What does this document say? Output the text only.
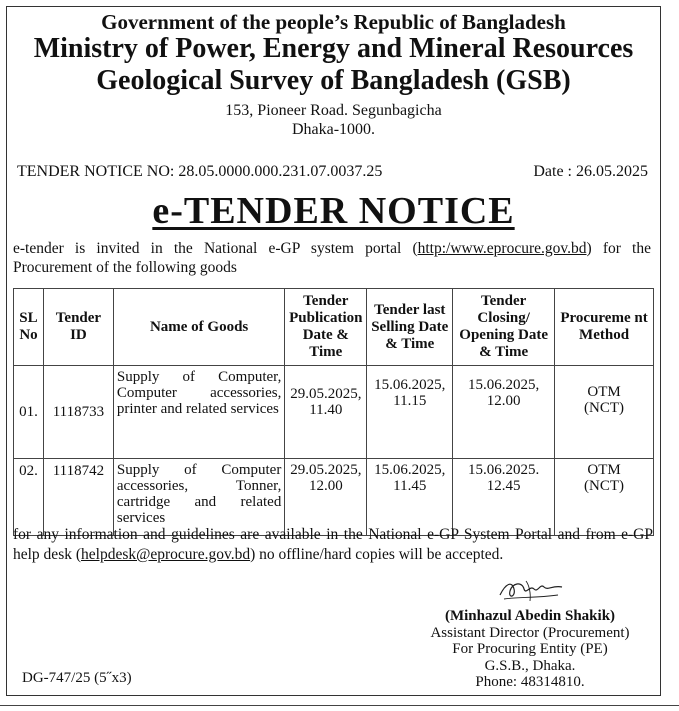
Government of the people’s Republic of Bangladesh
Ministry of Power, Energy and Mineral Resources
Geological Survey of Bangladesh (GSB)
153, Pioneer Road. Segunbagicha
Dhaka-1000.
TENDER NOTICE NO: 28.05.0000.000.231.07.0037.25	Date : 26.05.2025
e-TENDER NOTICE
e-tender is invited in the National e-GP system portal (http:/www.eprocure.gov.bd) for the Procurement of the following goods
SL No	Tender ID	Name of Goods	Tender Publication Date & Time	Tender last Selling Date & Time	Tender Closing/ Opening Date & Time	Procureme nt Method
01.	1118733	Supply of Computer, Computer accessories, printer and related services	29.05.2025, 11.40	15.06.2025, 11.15	15.06.2025, 12.00	OTM
(NCT)

02.	1118742	Supply of Computer accessories, Tonner, cartridge and related services	29.05.2025, 12.00	15.06.2025, 11.45	15.06.2025. 12.45	OTM
(NCT)
for any information and guidelines are available in the National e-GP System Portal and from e-GP help desk (helpdesk@eprocure.gov.bd) no offline/hard copies will be accepted.
(Minhazul Abedin Shakik)
Assistant Director (Procurement)
For Procuring Entity (PE)
G.S.B., Dhaka.
Phone: 48314810.
DG-747/25 (5˝x3)
